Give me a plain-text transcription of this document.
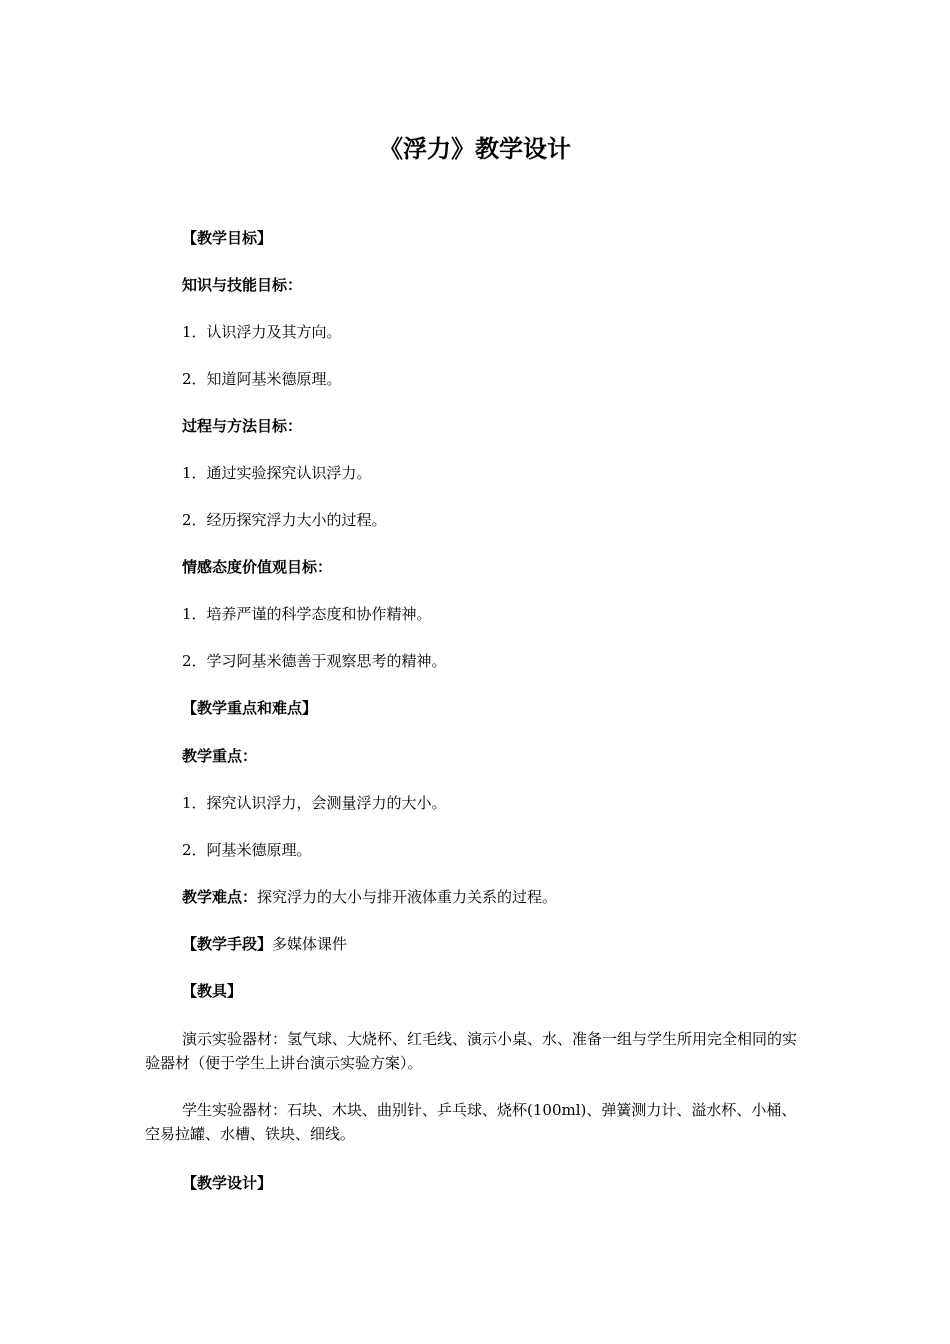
《浮力》教学设计

【教学目标】

知识与技能目标：

1．认识浮力及其方向。

2．知道阿基米德原理。

过程与方法目标：

1．通过实验探究认识浮力。

2．经历探究浮力大小的过程。

情感态度价值观目标：

1．培养严谨的科学态度和协作精神。

2．学习阿基米德善于观察思考的精神。

【教学重点和难点】

教学重点：

1．探究认识浮力，会测量浮力的大小。

2．阿基米德原理。

教学难点：探究浮力的大小与排开液体重力关系的过程。

【教学手段】多媒体课件

【教具】

演示实验器材：氢气球、大烧杯、红毛线、演示小桌、水、准备一组与学生所用完全相同的实验器材（便于学生上讲台演示实验方案）。

学生实验器材：石块、木块、曲别针、乒乓球、烧杯(100ml)、弹簧测力计、溢水杯、小桶、空易拉罐、水槽、铁块、细线。

【教学设计】
